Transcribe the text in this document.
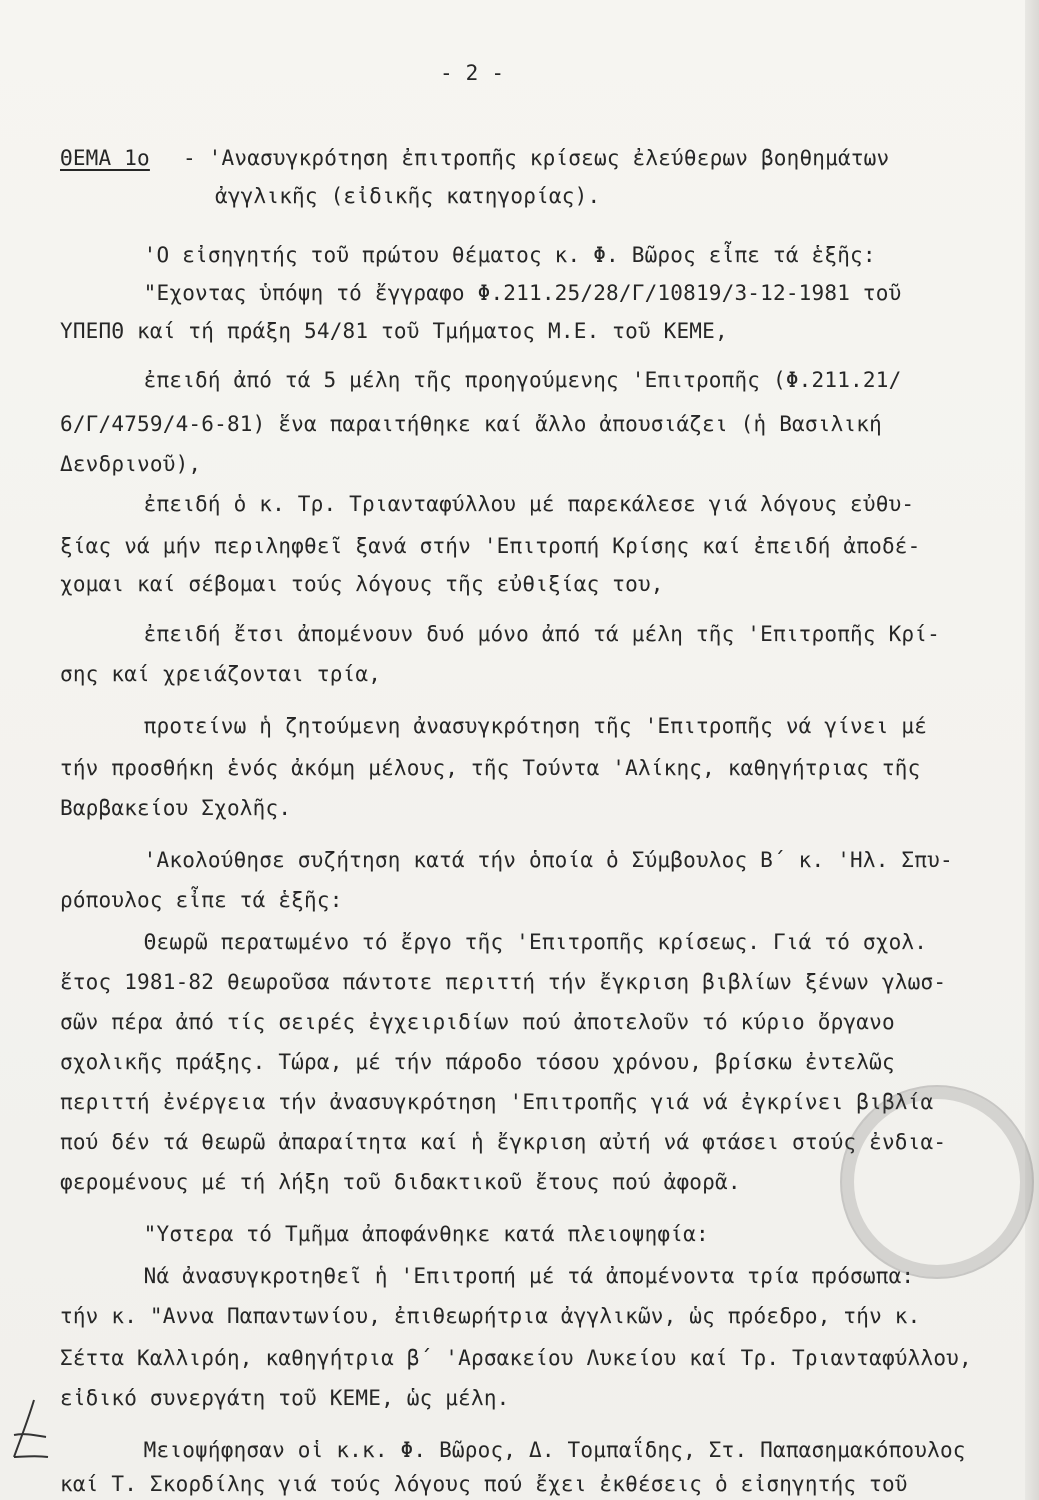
- 2 -
ΘΕΜΑ 1ο - 'Ανασυγκρότηση ἐπιτροπῆς κρίσεως ἐλεύθερων βοηθημάτων
ἀγγλικῆς (εἰδικῆς κατηγορίας).
'Ο εἰσηγητής τοῦ πρώτου θέματος κ. Φ. Βῶρος εἶπε τά ἑξῆς:
"Εχοντας ὑπόψη τό ἔγγραφο Φ.211.25/28/Γ/10819/3-12-1981 τοῦ
ΥΠΕΠΘ καί τή πράξη 54/81 τοῦ Τμήματος Μ.Ε. τοῦ ΚΕΜΕ,
ἐπειδή ἀπό τά 5 μέλη τῆς προηγούμενης 'Επιτροπῆς (Φ.211.21/
6/Γ/4759/4-6-81) ἕνα παραιτήθηκε καί ἄλλο ἀπουσιάζει (ἡ Βασιλική
Δενδρινοῦ),
ἐπειδή ὁ κ. Τρ. Τριανταφύλλου μέ παρεκάλεσε γιά λόγους εὐθυ-
ξίας νά μήν περιληφθεῖ ξανά στήν 'Επιτροπή Κρίσης καί ἐπειδή ἀποδέ-
χομαι καί σέβομαι τούς λόγους τῆς εὐθιξίας του,
ἐπειδή ἔτσι ἀπομένουν δυό μόνο ἀπό τά μέλη τῆς 'Επιτροπῆς Κρί-
σης καί χρειάζονται τρία,
προτείνω ἡ ζητούμενη ἀνασυγκρότηση τῆς 'Επιτροπῆς νά γίνει μέ
τήν προσθήκη ἑνός ἀκόμη μέλους, τῆς Τούντα 'Αλίκης, καθηγήτριας τῆς
Βαρβακείου Σχολῆς.
'Ακολούθησε συζήτηση κατά τήν ὁποία ὁ Σύμβουλος Β΄ κ. 'Ηλ. Σπυ-
ρόπουλος εἶπε τά ἑξῆς:
Θεωρῶ περατωμένο τό ἔργο τῆς 'Επιτροπῆς κρίσεως. Γιά τό σχολ.
ἔτος 1981-82 θεωροῦσα πάντοτε περιττή τήν ἔγκριση βιβλίων ξένων γλωσ-
σῶν πέρα ἀπό τίς σειρές ἐγχειριδίων πού ἀποτελοῦν τό κύριο ὄργανο
σχολικῆς πράξης. Τώρα, μέ τήν πάροδο τόσου χρόνου, βρίσκω ἐντελῶς
περιττή ἐνέργεια τήν ἀνασυγκρότηση 'Επιτροπῆς γιά νά ἐγκρίνει βιβλία
πού δέν τά θεωρῶ ἀπαραίτητα καί ἡ ἔγκριση αὐτή νά φτάσει στούς ἐνδια-
φερομένους μέ τή λήξη τοῦ διδακτικοῦ ἔτους πού ἀφορᾶ.
"Υστερα τό Τμῆμα ἀποφάνθηκε κατά πλειοψηφία:
Νά ἀνασυγκροτηθεῖ ἡ 'Επιτροπή μέ τά ἀπομένοντα τρία πρόσωπα:
τήν κ. "Αννα Παπαντωνίου, ἐπιθεωρήτρια ἀγγλικῶν, ὡς πρόεδρο, τήν κ.
Σέττα Καλλιρόη, καθηγήτρια β΄ 'Αρσακείου Λυκείου καί Τρ. Τριανταφύλλου,
εἰδικό συνεργάτη τοῦ ΚΕΜΕ, ὡς μέλη.
Μειοψήφησαν οἱ κ.κ. Φ. Βῶρος, Δ. Τομπαΐδης, Στ. Παπασημακόπουλος
καί Τ. Σκορδίλης γιά τούς λόγους πού ἔχει ἐκθέσεις ὁ εἰσηγητής τοῦ
